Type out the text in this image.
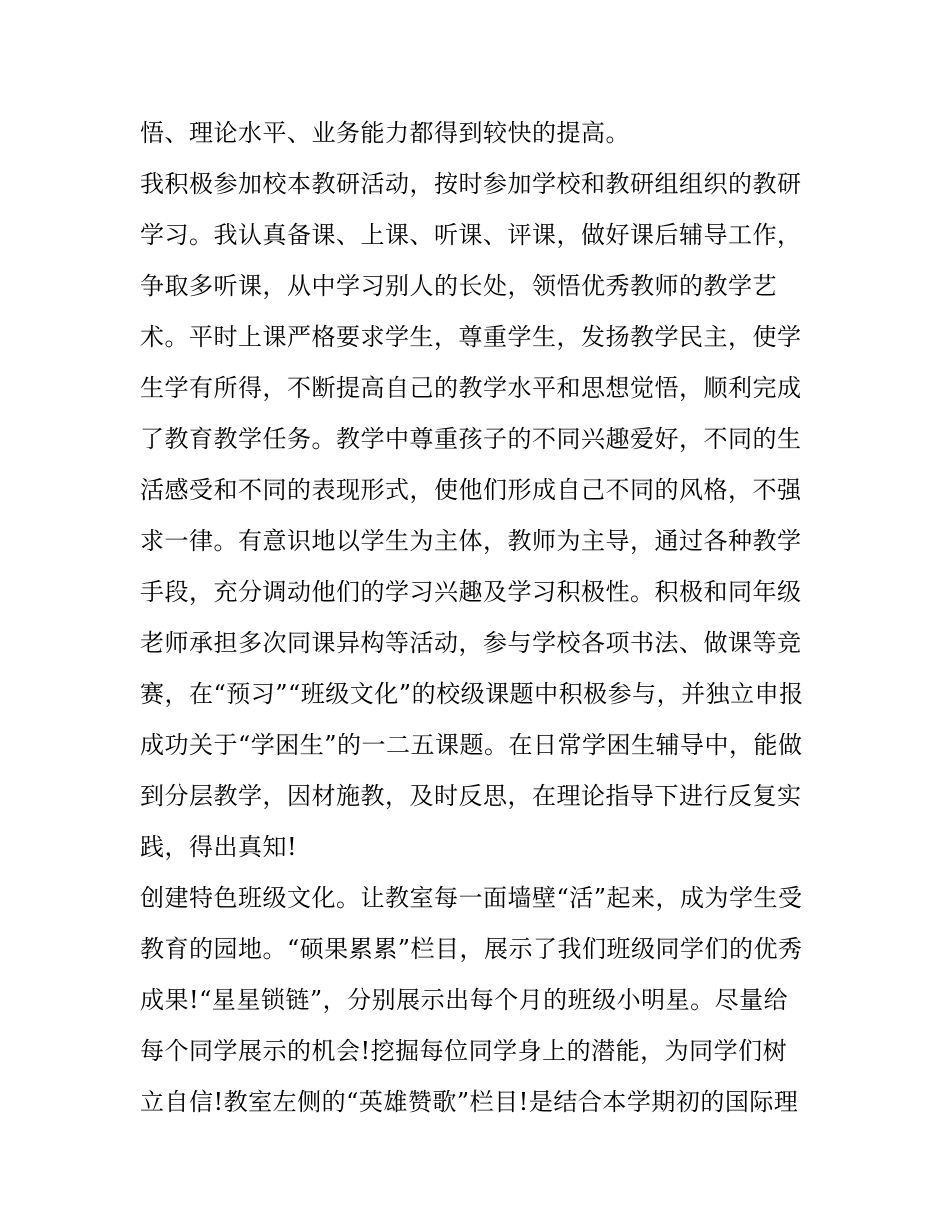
悟、理论水平、业务能力都得到较快的提高。
我积极参加校本教研活动，按时参加学校和教研组组织的教研
学习。我认真备课、上课、听课、评课，做好课后辅导工作，
争取多听课，从中学习别人的长处，领悟优秀教师的教学艺
术。平时上课严格要求学生，尊重学生，发扬教学民主，使学
生学有所得，不断提高自己的教学水平和思想觉悟，顺利完成
了教育教学任务。教学中尊重孩子的不同兴趣爱好，不同的生
活感受和不同的表现形式，使他们形成自己不同的风格，不强
求一律。有意识地以学生为主体，教师为主导，通过各种教学
手段，充分调动他们的学习兴趣及学习积极性。积极和同年级
老师承担多次同课异构等活动，参与学校各项书法、做课等竞
赛，在“预习”“班级文化”的校级课题中积极参与，并独立申报
成功关于“学困生”的一二五课题。在日常学困生辅导中，能做
到分层教学，因材施教，及时反思，在理论指导下进行反复实
践，得出真知!
创建特色班级文化。让教室每一面墙壁“活”起来，成为学生受
教育的园地。“硕果累累”栏目，展示了我们班级同学们的优秀
成果!“星星锁链”，分别展示出每个月的班级小明星。尽量给
每个同学展示的机会!挖掘每位同学身上的潜能，为同学们树
立自信!教室左侧的“英雄赞歌”栏目!是结合本学期初的国际理
